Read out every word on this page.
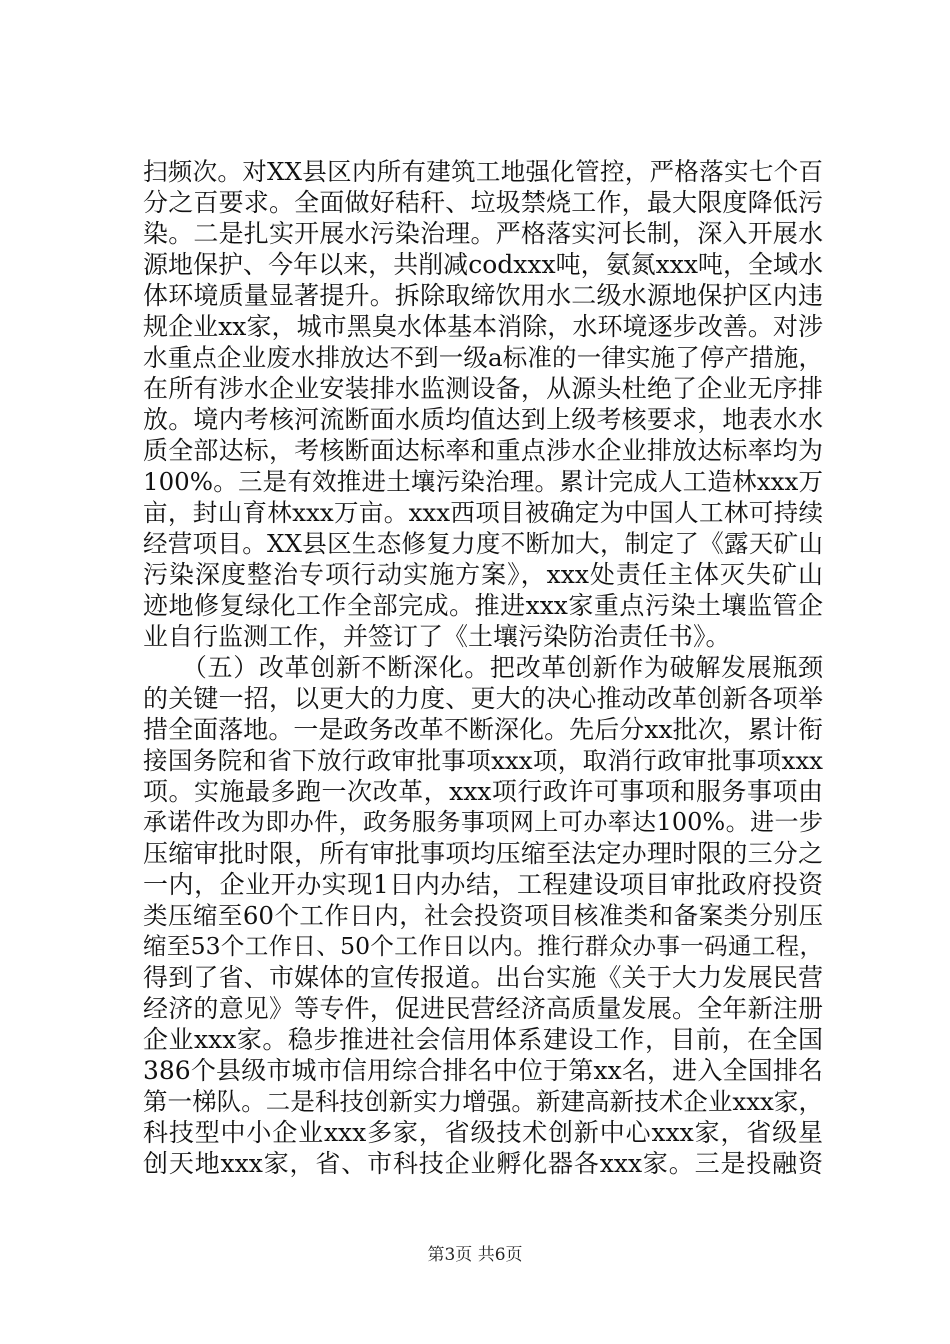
扫频次。对XX县区内所有建筑工地强化管控，严格落实七个百
分之百要求。全面做好秸秆、垃圾禁烧工作，最大限度降低污
染。二是扎实开展水污染治理。严格落实河长制，深入开展水
源地保护、今年以来，共削减codxxx吨，氨氮xxx吨，全域水
体环境质量显著提升。拆除取缔饮用水二级水源地保护区内违
规企业xx家，城市黑臭水体基本消除，水环境逐步改善。对涉
水重点企业废水排放达不到一级a标准的一律实施了停产措施，
在所有涉水企业安装排水监测设备，从源头杜绝了企业无序排
放。境内考核河流断面水质均值达到上级考核要求，地表水水
质全部达标，考核断面达标率和重点涉水企业排放达标率均为
100%。三是有效推进土壤污染治理。累计完成人工造林xxx万
亩，封山育林xxx万亩。xxx西项目被确定为中国人工林可持续
经营项目。XX县区生态修复力度不断加大，制定了《露天矿山
污染深度整治专项行动实施方案》，xxx处责任主体灭失矿山
迹地修复绿化工作全部完成。推进xxx家重点污染土壤监管企
业自行监测工作，并签订了《土壤污染防治责任书》。
　　（五）改革创新不断深化。把改革创新作为破解发展瓶颈
的关键一招，以更大的力度、更大的决心推动改革创新各项举
措全面落地。一是政务改革不断深化。先后分xx批次，累计衔
接国务院和省下放行政审批事项xxx项，取消行政审批事项xxx
项。实施最多跑一次改革，xxx项行政许可事项和服务事项由
承诺件改为即办件，政务服务事项网上可办率达100%。进一步
压缩审批时限，所有审批事项均压缩至法定办理时限的三分之
一内，企业开办实现1日内办结，工程建设项目审批政府投资
类压缩至60个工作日内，社会投资项目核准类和备案类分别压
缩至53个工作日、50个工作日以内。推行群众办事一码通工程，
得到了省、市媒体的宣传报道。出台实施《关于大力发展民营
经济的意见》等专件，促进民营经济高质量发展。全年新注册
企业xxx家。稳步推进社会信用体系建设工作，目前，在全国
386个县级市城市信用综合排名中位于第xx名，进入全国排名
第一梯队。二是科技创新实力增强。新建高新技术企业xxx家，
科技型中小企业xxx多家，省级技术创新中心xxx家，省级星
创天地xxx家，省、市科技企业孵化器各xxx家。三是投融资
第3页 共6页
